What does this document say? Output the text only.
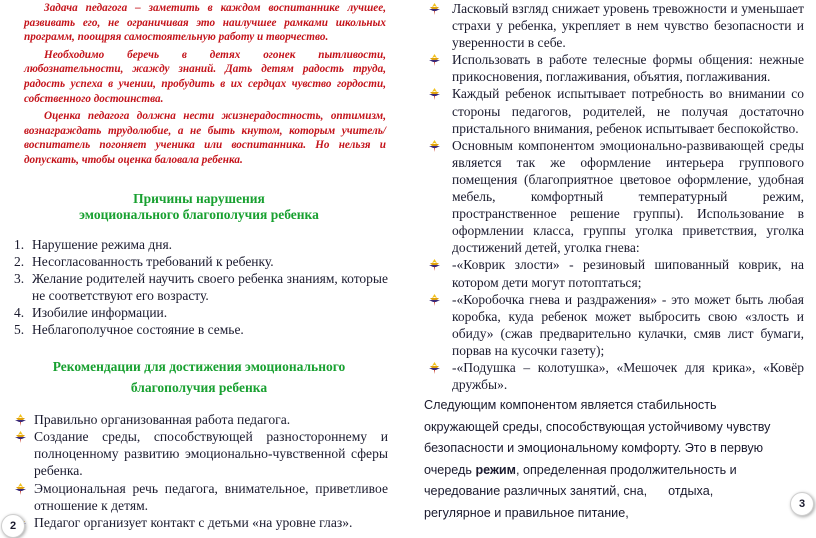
Задача педагога – заметить в каждом воспитаннике лучшее, развивать его, не ограничивая это наилучшее рамками школьных программ, поощряя самостоятельную работу и творчество.

Необходимо беречь в детях огонек пытливости, любознательности, жажду знаний. Дать детям радость труда, радость успеха в учении, пробудить в их сердцах чувство гордости, собственного достоинства.

Оценка педагога должна нести жизнерадостность, оптимизм, вознаграждать трудолюбие, а не быть кнутом, которым учитель/воспитатель погоняет ученика или воспитанника. Но нельзя и допускать, чтобы оценка баловала ребенка.

Причины нарушения

эмоционального благополучия ребенка

1. Нарушение режима дня.
2. Несогласованность требований к ребенку.
3. Желание родителей научить своего ребенка знаниям, которые не соответствуют его возрасту.
4. Изобилие информации.
5. Неблагополучное состояние в семье.

Рекомендации для достижения эмоционального

благополучия ребенка

Правильно организованная работа педагога.
Создание среды, способствующей разностороннему и полноценному развитию эмоционально-чувственной сферы ребенка.
Эмоциональная речь педагога, внимательное, приветливое отношение к детям.
Педагог организует контакт с детьми «на уровне глаз».
2
Ласковый взгляд снижает уровень тревожности и уменьшает страхи у ребенка, укрепляет в нем чувство безопасности и уверенности в себе.
Использовать в работе телесные формы общения: нежные прикосновения, поглаживания, объятия, поглаживания.
Каждый ребенок испытывает потребность во внимании со стороны педагогов, родителей, не получая достаточно пристального внимания, ребенок испытывает беспокойство.
Основным компонентом эмоционально-развивающей среды является так же оформление интерьера группового помещения (благоприятное цветовое оформление, удобная мебель, комфортный температурный режим, пространственное решение группы). Использование в оформлении класса, группы уголка приветствия, уголка достижений детей, уголка гнева:
-«Коврик злости» - резиновый шипованный коврик, на котором дети могут потоптаться;
-«Коробочка гнева и раздражения» - это может быть любая коробка, куда ребенок может выбросить свою «злость и обиду» (сжав предварительно кулачки, смяв лист бумаги, порвав на кусочки газету);
-«Подушка – колотушка», «Мешочек для крика», «Ковёр дружбы».

Следующим компонентом является стабильность окружающей среды, способствующая устойчивому чувству безопасности и эмоциональному комфорту. Это в первую очередь режим, определенная продолжительность и чередование различных занятий, сна,      отдыха, регулярное и правильное питание,

3
